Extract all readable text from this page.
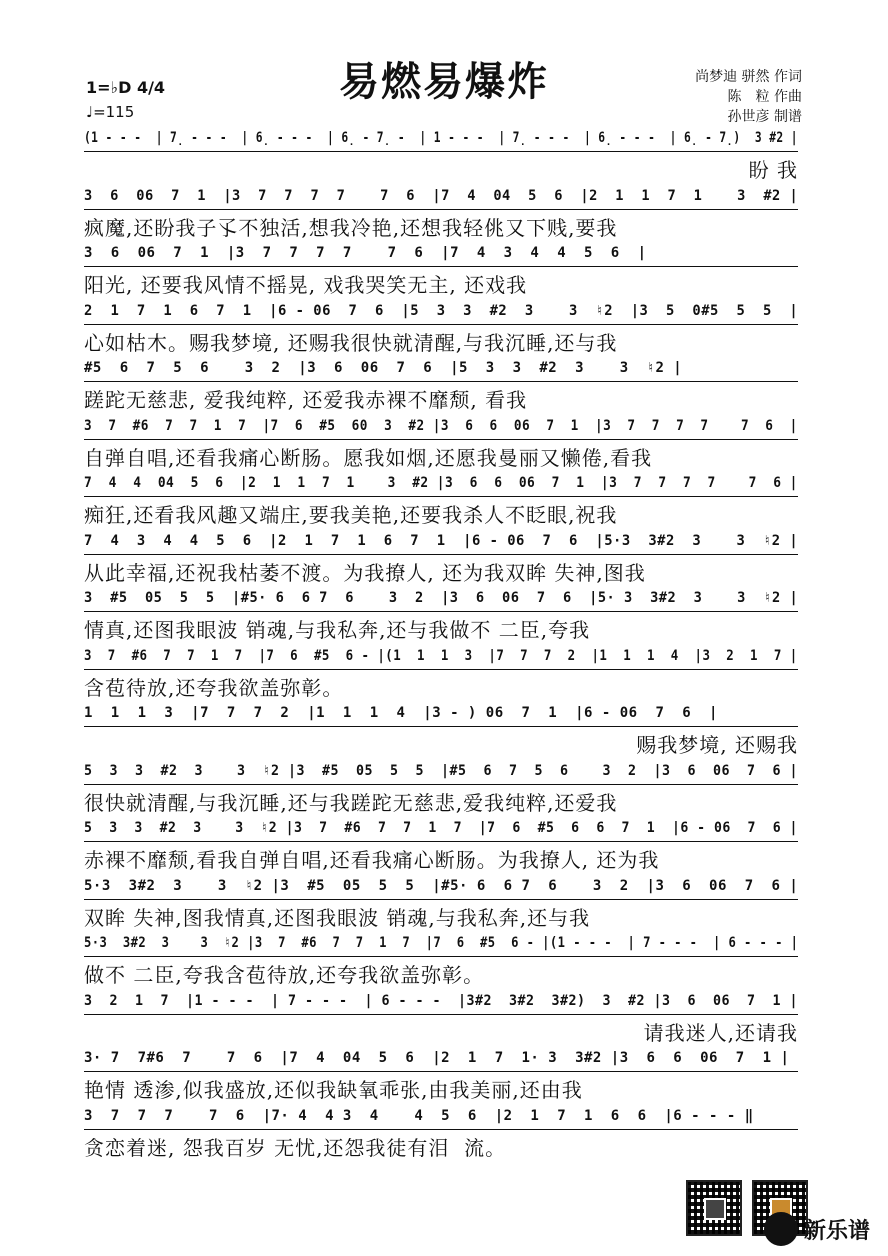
易燃易爆炸
1=♭D 4/4
♩=115
尚梦迪 骈然 作词
陈　粒 作曲
孙世彦 制谱
(1 - - -  | 7̣ - - -  | 6̣ - - -  | 6̣ - 7̣ -  | 1 - - -  | 7̣ - - -  | 6̣ - - -  | 6̣ - 7̣)  3 #2 |
盼 我
3  6  06  7  1  |3  7  7  7  7    7  6  |7  4  04  5  6  |2  1  1  7  1    3  #2 |
疯魔,还盼我子孓不独活,想我冷艳,还想我轻佻又下贱,要我
3  6  06  7  1  |3  7  7  7  7    7  6  |7  4  3  4  4  5  6  |
阳光, 还要我风情不摇晃, 戏我哭笑无主, 还戏我
2  1  7  1  6  7  1  |6 - 06  7  6  |5  3  3  #2  3    3  ♮2  |3  5  0#5  5  5  |
心如枯木。赐我梦境, 还赐我很快就清醒,与我沉睡,还与我
#5  6  7  5  6    3  2  |3  6  06  7  6  |5  3  3  #2  3    3  ♮2 |
蹉跎无慈悲, 爱我纯粹, 还爱我赤裸不靡颓, 看我
3  7  #6  7  7  1  7  |7  6  #5  60  3  #2 |3  6  6  06  7  1  |3  7  7  7  7    7  6  |
自弹自唱,还看我痛心断肠。愿我如烟,还愿我曼丽又懒倦,看我
7  4  4  04  5  6  |2  1  1  7  1    3  #2 |3  6  6  06  7  1  |3  7  7  7  7    7  6 |
痴狂,还看我风趣又端庄,要我美艳,还要我杀人不眨眼,祝我
7  4  3  4  4  5  6  |2  1  7  1  6  7  1  |6 - 06  7  6  |5·3  3#2  3    3  ♮2 |
从此幸福,还祝我枯萎不渡。为我撩人, 还为我双眸 失神,图我
3  #5  05  5  5  |#5· 6  6 7  6    3  2  |3  6  06  7  6  |5· 3  3#2  3    3  ♮2 |
情真,还图我眼波 销魂,与我私奔,还与我做不 二臣,夸我
3  7  #6  7  7  1  7  |7  6  #5  6 - |(1  1  1  3  |7  7  7  2  |1  1  1  4  |3  2  1  7 |
含苞待放,还夸我欲盖弥彰。
1  1  1  3  |7  7  7  2  |1  1  1  4  |3 - ) 06  7  1  |6 - 06  7  6  |
赐我梦境, 还赐我
5  3  3  #2  3    3  ♮2 |3  #5  05  5  5  |#5  6  7  5  6    3  2  |3  6  06  7  6 |
很快就清醒,与我沉睡,还与我蹉跎无慈悲,爱我纯粹,还爱我
5  3  3  #2  3    3  ♮2 |3  7  #6  7  7  1  7  |7  6  #5  6  6  7  1  |6 - 06  7  6 |
赤裸不靡颓,看我自弹自唱,还看我痛心断肠。为我撩人, 还为我
5·3  3#2  3    3  ♮2 |3  #5  05  5  5  |#5· 6  6 7  6    3  2  |3  6  06  7  6 |
双眸 失神,图我情真,还图我眼波 销魂,与我私奔,还与我
5·3  3#2  3    3  ♮2 |3  7  #6  7  7  1  7  |7  6  #5  6 - |(1 - - -  | 7 - - -  | 6 - - - |
做不 二臣,夸我含苞待放,还夸我欲盖弥彰。
3  2  1  7  |1 - - -  | 7 - - -  | 6 - - -  |3#2  3#2  3#2)  3  #2 |3  6  06  7  1 |
请我迷人,还请我
3· 7  7#6  7    7  6  |7  4  04  5  6  |2  1  7  1· 3  3#2 |3  6  6  06  7  1 |
艳情 透渗,似我盛放,还似我缺氧乖张,由我美丽,还由我
3  7  7  7    7  6  |7· 4  4 3  4    4  5  6  |2  1  7  1  6  6  |6 - - - ‖
贪恋着迷, 怨我百岁 无忧,还怨我徒有泪  流。
新乐谱
